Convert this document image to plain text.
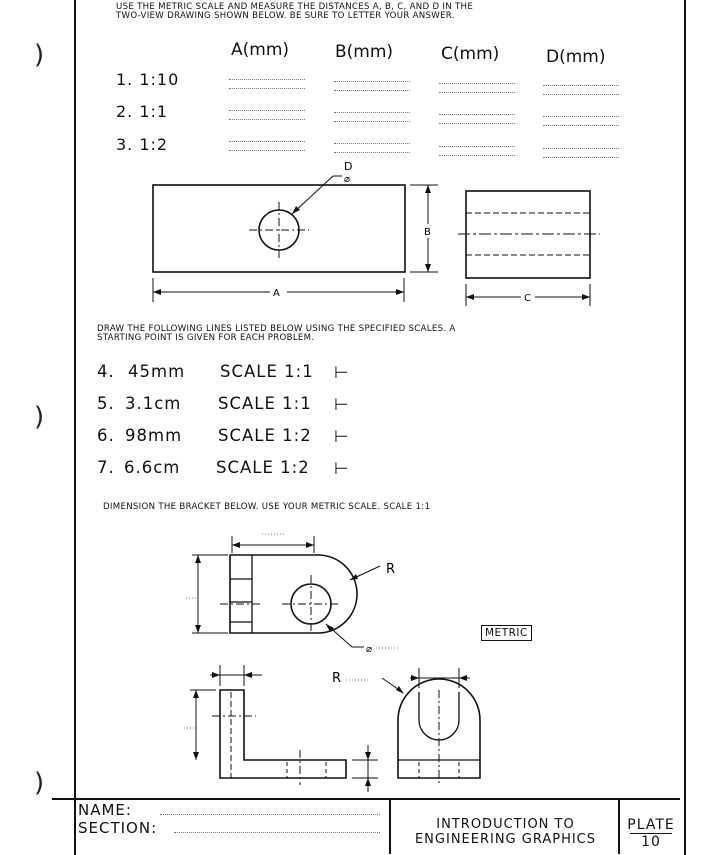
)
)
)
USE THE METRIC SCALE AND MEASURE THE DISTANCES A, B, C, AND D IN THE
TWO-VIEW DRAWING SHOWN BELOW. BE SURE TO LETTER YOUR ANSWER.
A(mm)	B(mm)	C(mm)	D(mm)
1. 1:10
2. 1:1
3. 1:2
D
⌀
A
B
C
DRAW THE FOLLOWING LINES LISTED BELOW USING THE SPECIFIED SCALES. A
STARTING POINT IS GIVEN FOR EACH PROBLEM.
4. 45mm SCALE 1:1 ⊢
5. 3.1cm SCALE 1:1 ⊢
6. 98mm SCALE 1:2 ⊢
7. 6.6cm SCALE 1:2 ⊢
DIMENSION THE BRACKET BELOW. USE YOUR METRIC SCALE. SCALE 1:1
R
⌀
R
METRIC
NAME:
SECTION:	INTRODUCTION TO
ENGINEERING GRAPHICS
PLATE
10
